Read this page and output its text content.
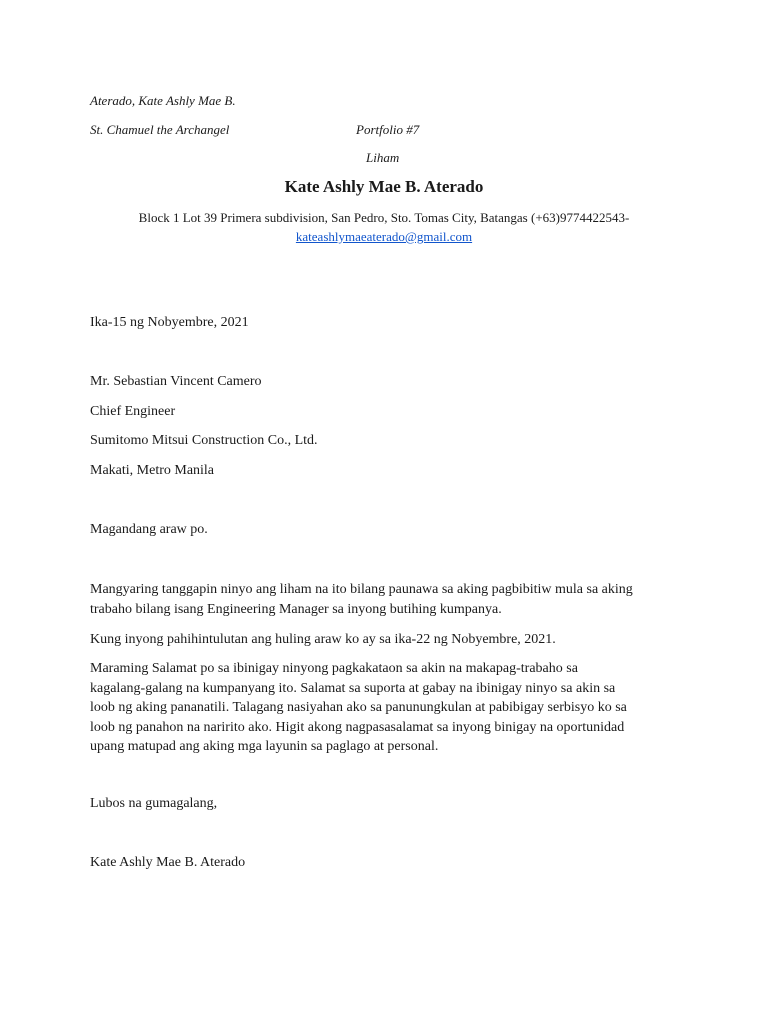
Aterado, Kate Ashly Mae B.
St. Chamuel the Archangel	Portfolio #7
Liham
Kate Ashly Mae B. Aterado
Block 1 Lot 39 Primera subdivision, San Pedro, Sto. Tomas City, Batangas (+63)9774422543-
kateashlymaeaterado@gmail.com
Ika-15 ng Nobyembre, 2021
Mr. Sebastian Vincent Camero
Chief Engineer
Sumitomo Mitsui Construction Co., Ltd.
Makati, Metro Manila
Magandang araw po.
Mangyaring tanggapin ninyo ang liham na ito bilang paunawa sa aking pagbibitiw mula sa aking
trabaho bilang isang Engineering Manager sa inyong butihing kumpanya.
Kung inyong pahihintulutan ang huling araw ko ay sa ika-22 ng Nobyembre, 2021.
Maraming Salamat po sa ibinigay ninyong pagkakataon sa akin na makapag-trabaho sa
kagalang-galang na kumpanyang ito. Salamat sa suporta at gabay na ibinigay ninyo sa akin sa
loob ng aking pananatili. Talagang nasiyahan ako sa panunungkulan at pabibigay serbisyo ko sa
loob ng panahon na naririto ako. Higit akong nagpasasalamat sa inyong binigay na oportunidad
upang matupad ang aking mga layunin sa paglago at personal.
Lubos na gumagalang,
Kate Ashly Mae B. Aterado
